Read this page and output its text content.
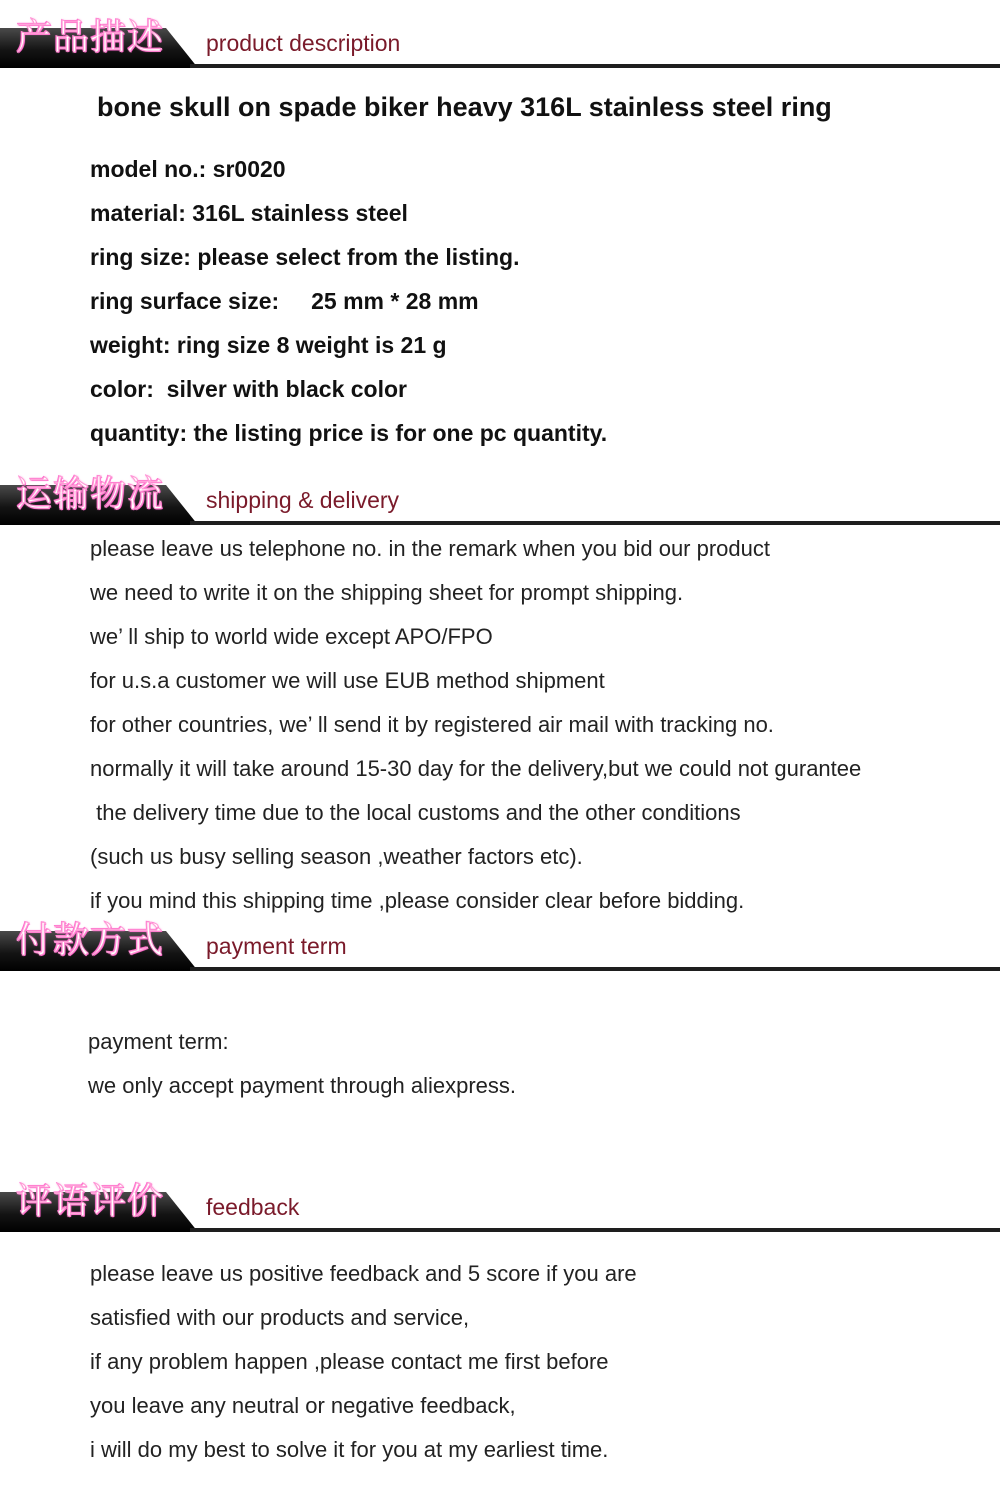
产品描述 product description
bone skull on spade biker heavy 316L stainless steel ring
model no.: sr0020
material: 316L stainless steel
ring size: please select from the listing.
ring surface size:     25 mm * 28 mm
weight: ring size 8 weight is 21 g
color:  silver with black color
quantity: the listing price is for one pc quantity.
运输物流 shipping & delivery
please leave us telephone no. in the remark when you bid our product
we need to write it on the shipping sheet for prompt shipping.
we’ ll ship to world wide except APO/FPO
for u.s.a customer we will use EUB method shipment
for other countries, we’ ll send it by registered air mail with tracking no.
normally it will take around 15-30 day for the delivery,but we could not gurantee
the delivery time due to the local customs and the other conditions
(such us busy selling season ,weather factors etc).
if you mind this shipping time ,please consider clear before bidding.
付款方式 payment term
payment term:
we only accept payment through aliexpress.
评语评价 feedback
please leave us positive feedback and 5 score if you are
satisfied with our products and service,
if any problem happen ,please contact me first before
you leave any neutral or negative feedback,
i will do my best to solve it for you at my earliest time.
